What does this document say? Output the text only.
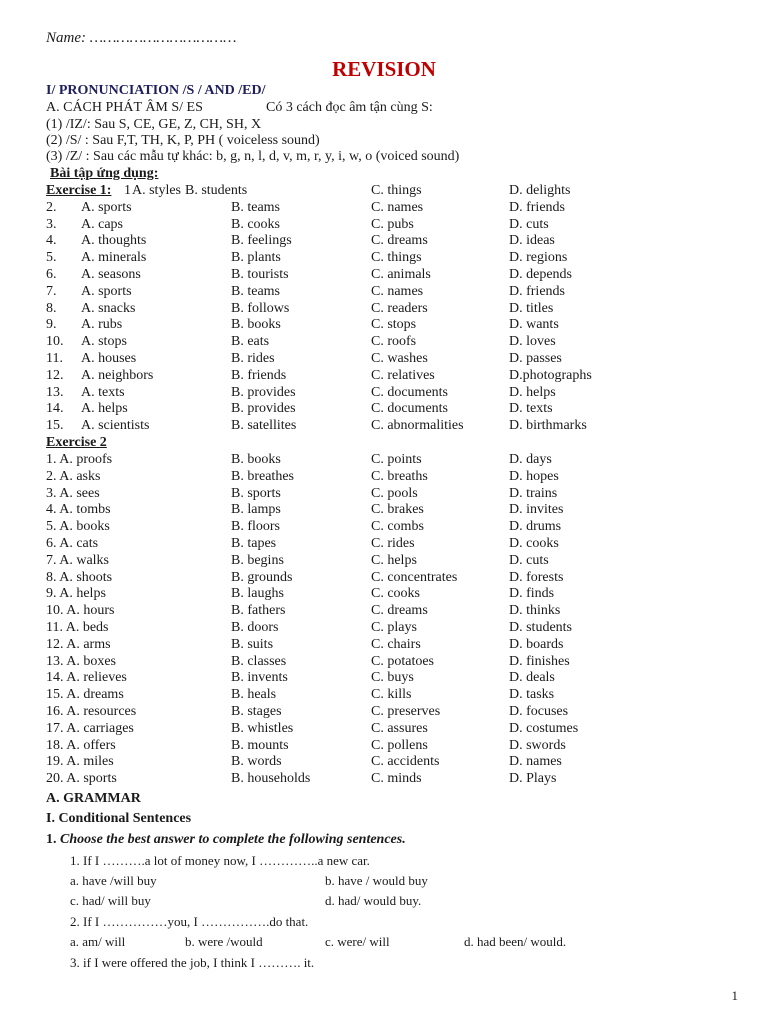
Name: ……………………………
REVISION
I/ PRONUNCIATION /S / AND /ED/
A. CÁCH PHÁT ÂM S/ ES	Có 3 cách đọc âm tận cùng S:
(1) /IZ/: Sau S, CE, GE, Z, CH, SH, X
(2) /S/ : Sau F,T, TH, K, P, PH ( voiceless sound)
(3) /Z/ : Sau các mẫu tự khác: b, g, n, l, d, v, m, r, y, i, w, o (voiced sound)
Bài tập ứng dụng:
Exercise 1: 1 A. styles B. students	C. things	D. delights
2. A. sports	B. teams	C. names	D. friends
3. A. caps	B. cooks	C. pubs	D. cuts
4. A. thoughts	B. feelings	C. dreams	D. ideas
5. A. minerals	B. plants	C. things	D. regions
6. A. seasons	B. tourists	C. animals	D. depends
7. A. sports	B. teams	C. names	D. friends
8. A. snacks	B. follows	C. readers	D. titles
9. A. rubs	B. books	C. stops	D. wants
10. A. stops	B. eats	C. roofs	D. loves
11. A. houses	B. rides	C. washes	D. passes
12. A. neighbors	B. friends	C. relatives	D.photographs
13. A. texts	B. provides	C. documents	D. helps
14. A. helps	B. provides	C. documents	D. texts
15. A. scientists	B. satellites	C. abnormalities	D. birthmarks
Exercise 2
1. A. proofs	B. books	C. points	D. days
2. A. asks	B. breathes	C. breaths	D. hopes
3. A. sees	B. sports	C. pools	D. trains
4. A. tombs	B. lamps	C. brakes	D. invites
5. A. books	B. floors	C. combs	D. drums
6. A. cats	B. tapes	C. rides	D. cooks
7. A. walks	B. begins	C. helps	D. cuts
8. A. shoots	B. grounds	C. concentrates	D. forests
9. A. helps	B. laughs	C. cooks	D. finds
10. A. hours	B. fathers	C. dreams	D. thinks
11. A. beds	B. doors	C. plays	D. students
12. A. arms	B. suits	C. chairs	D. boards
13. A. boxes	B. classes	C. potatoes	D. finishes
14. A. relieves	B. invents	C. buys	D. deals
15. A. dreams	B. heals	C. kills	D. tasks
16. A. resources	B. stages	C. preserves	D. focuses
17. A. carriages	B. whistles	C. assures	D. costumes
18. A. offers	B. mounts	C. pollens	D. swords
19. A. miles	B. words	C. accidents	D. names
20. A. sports	B. households	C. minds	D. Plays
A. GRAMMAR
I. Conditional Sentences
1. Choose the best answer to complete the following sentences.
1. If I ……….a lot of money now, I …………..a new car.
a. have /will buy	b. have / would buy
c. had/ will buy	d. had/ would buy.
2. If I ……………you, I …………….do that.
a. am/ will	b. were /would	c. were/ will	d. had been/ would.
3. if I were offered the job, I think I ………. it.
1
